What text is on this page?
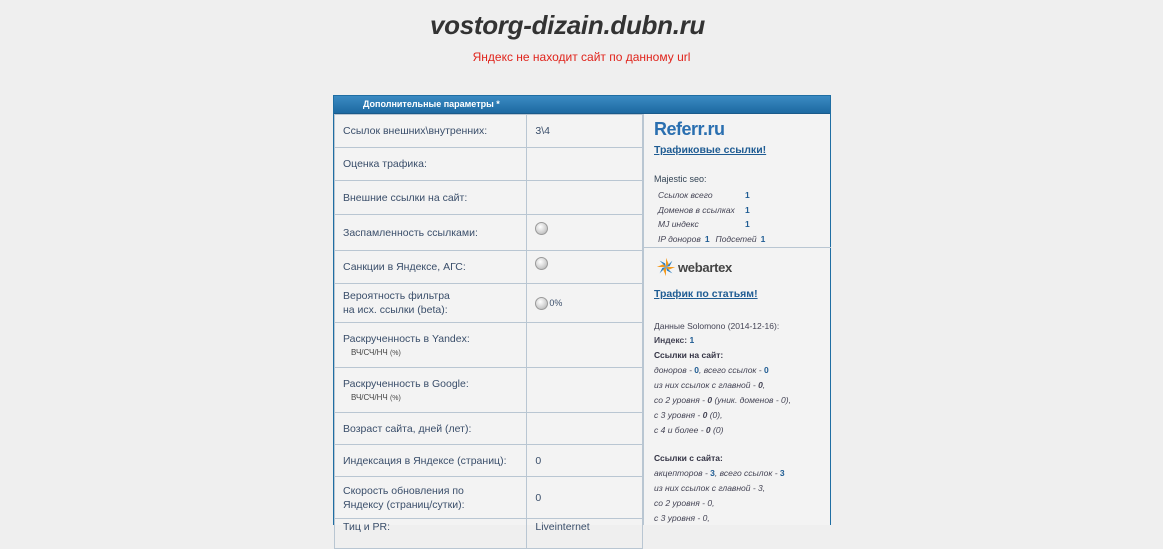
vostorg-dizain.dubn.ru
Яндекс не находит сайт по данному url
Дополнительные параметры *
Ссылок внешних\внутренних:	3\4
Оценка трафика:	
Внешние ссылки на сайт:	
Заспамленность ссылками:	
Санкции в Яндексе, АГС:	

Вероятность фильтра
на исх. ссылки (beta):	0%

Раскрученность в Yandex:
ВЧ/СЧ/НЧ (%)	

Раскрученность в Google:
ВЧ/СЧ/НЧ (%)	
Возраст сайта, дней (лет):	
Индексация в Яндексе (страниц):	0

Скорость обновления по
Яндексу (страниц/сутки):	0
Тиц и PR:	Liveinternet
Referr.ru
Трафиковые ссылки!
Majestic seo:
Ссылок всего	1
Доменов в ссылках 1
MJ индекс	1
IP доноров 1 Подсетей 1
webartex
Трафик по статьям!
Данные Solomono (2014-12-16):
Индекс: 1
Ссылки на сайт:
доноров - 0, всего ссылок - 0
из них ссылок с главной - 0,
со 2 уровня - 0 (уник. доменов - 0),
с 3 уровня - 0 (0),
с 4 и более - 0 (0)
Ссылки с сайта:
акцепторов - 3, всего ссылок - 3
из них ссылок с главной - 3,
со 2 уровня - 0,
с 3 уровня - 0,
